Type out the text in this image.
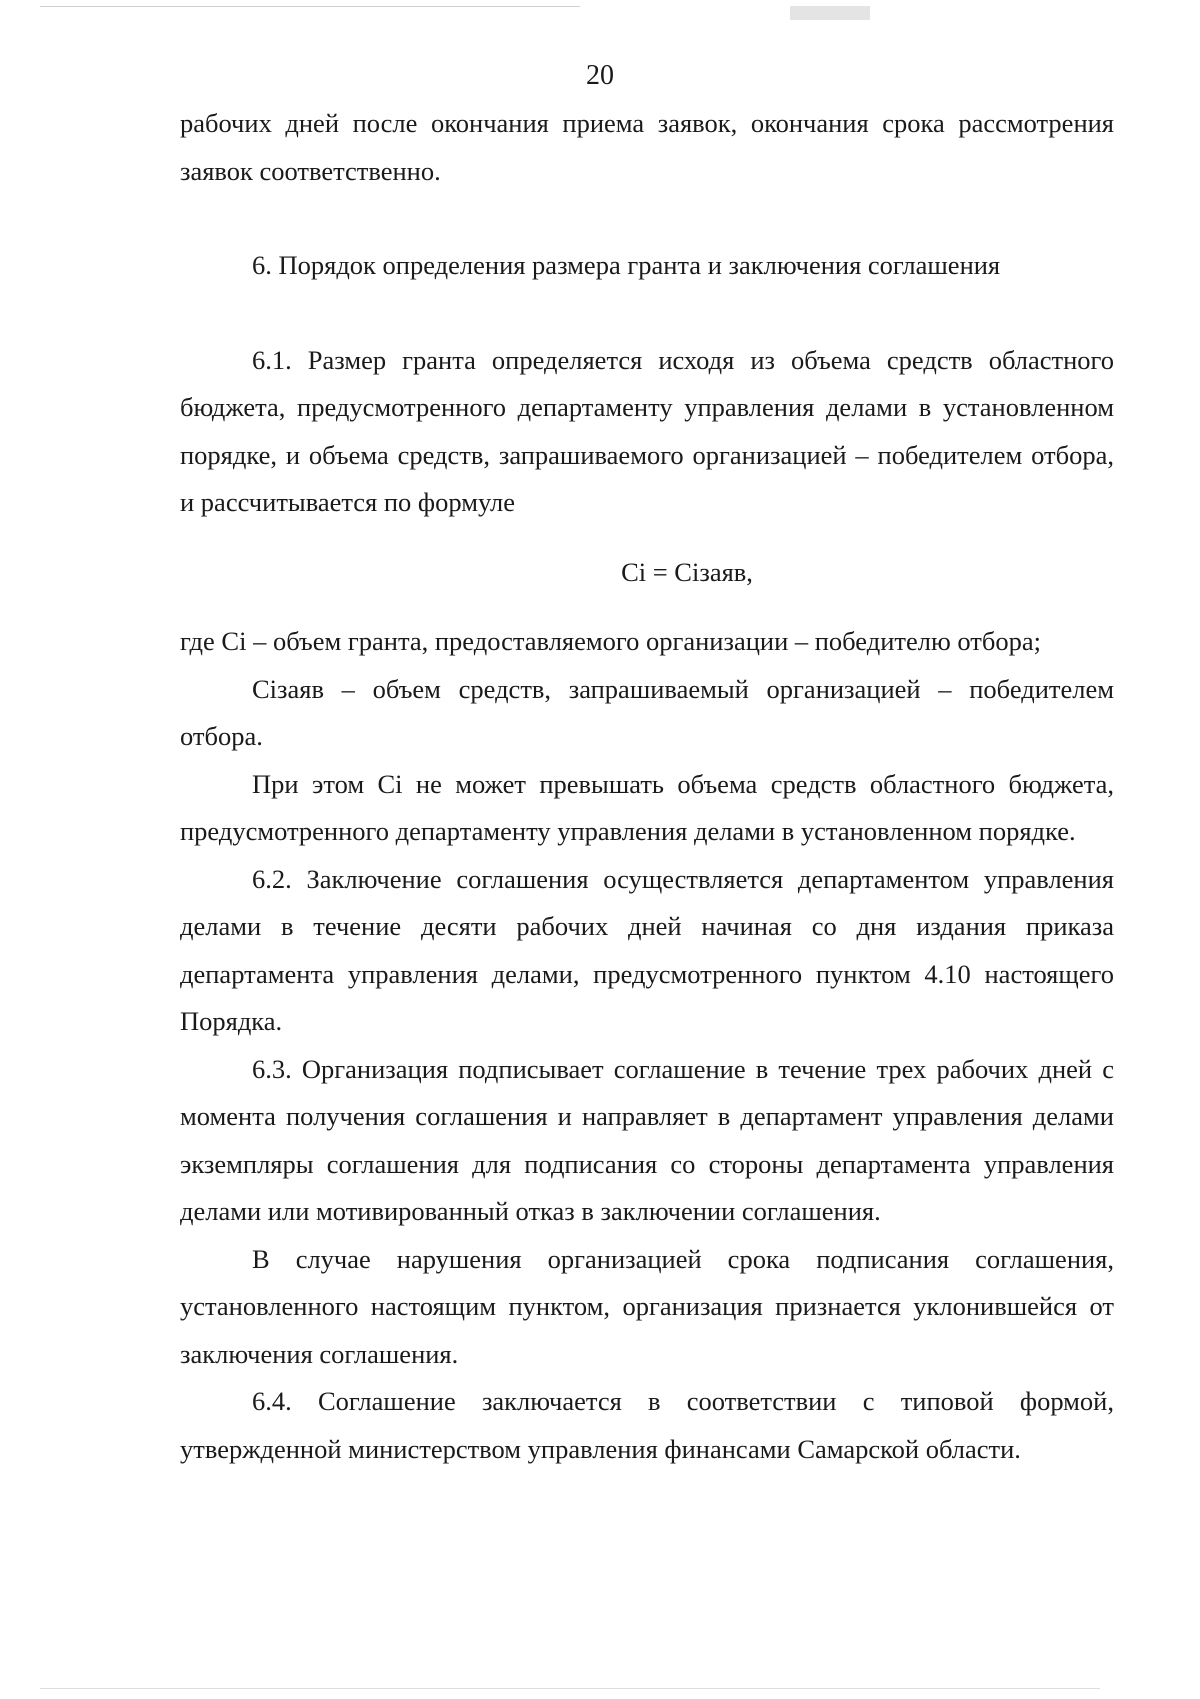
20

рабочих дней после окончания приема заявок, окончания срока рассмотрения заявок соответственно.

6. Порядок определения размера гранта и заключения соглашения

6.1. Размер гранта определяется исходя из объема средств областного бюджета, предусмотренного департаменту управления делами в установленном порядке, и объема средств, запрашиваемого организацией – победителем отбора, и рассчитывается по формуле

Ci = Ciзаяв,

где Ci – объем гранта, предоставляемого организации – победителю отбора;

Ciзаяв – объем средств, запрашиваемый организацией – победителем отбора.

При этом Ci не может превышать объема средств областного бюджета, предусмотренного департаменту управления делами в установленном порядке.

6.2. Заключение соглашения осуществляется департаментом управления делами в течение десяти рабочих дней начиная со дня издания приказа департамента управления делами, предусмотренного пунктом 4.10 настоящего Порядка.

6.3. Организация подписывает соглашение в течение трех рабочих дней с момента получения соглашения и направляет в департамент управления делами экземпляры соглашения для подписания со стороны департамента управления делами или мотивированный отказ в заключении соглашения.

В случае нарушения организацией срока подписания соглашения, установленного настоящим пунктом, организация признается уклонившейся от заключения соглашения.

6.4. Соглашение заключается в соответствии с типовой формой, утвержденной министерством управления финансами Самарской области.
